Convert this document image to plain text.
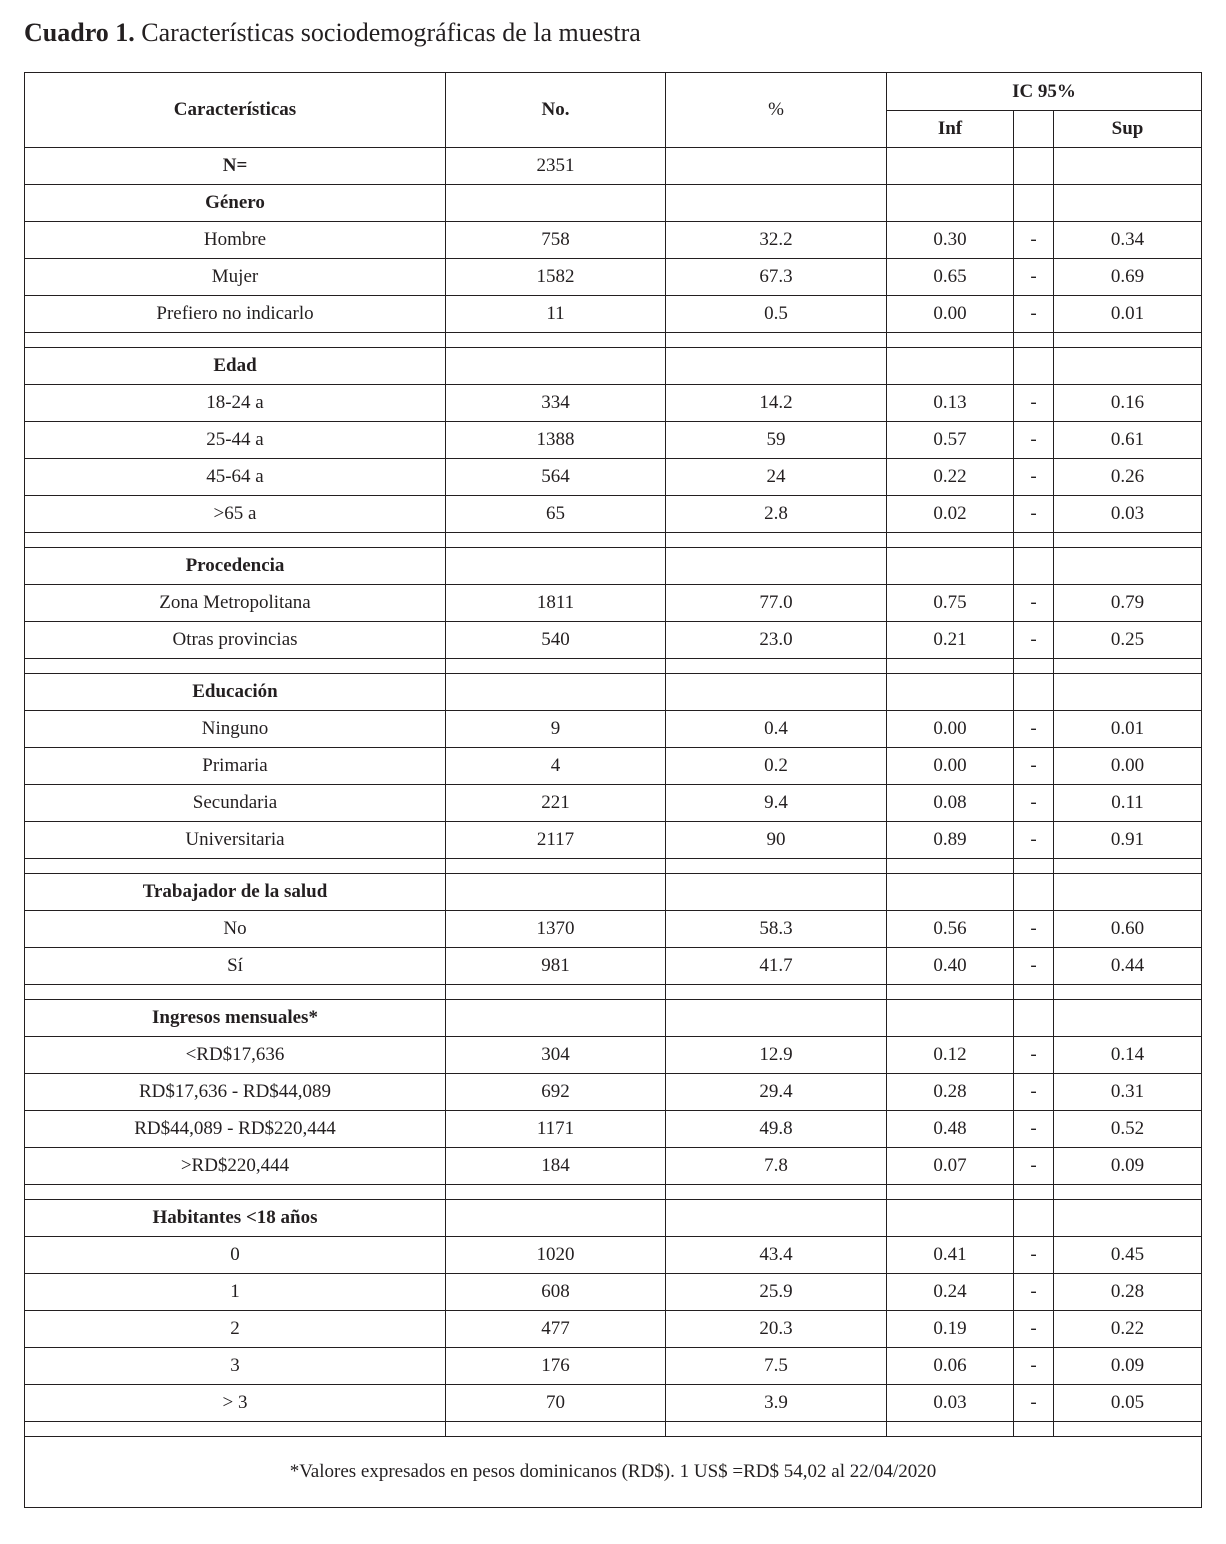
Cuadro 1. Características sociodemográficas de la muestra
Características	No.	%	IC 95%		
			Inf		Sup
N=	2351				
Género					
Hombre	758	32.2	0.30	-	0.34
Mujer	1582	67.3	0.65	-	0.69
Prefiero no indicarlo	11	0.5	0.00	-	0.01

Edad					
18-24 a	334	14.2	0.13	-	0.16
25-44 a	1388	59	0.57	-	0.61
45-64 a	564	24	0.22	-	0.26
>65 a	65	2.8	0.02	-	0.03

Procedencia					
Zona Metropolitana	1811	77.0	0.75	-	0.79
Otras provincias	540	23.0	0.21	-	0.25

Educación					
Ninguno	9	0.4	0.00	-	0.01
Primaria	4	0.2	0.00	-	0.00
Secundaria	221	9.4	0.08	-	0.11
Universitaria	2117	90	0.89	-	0.91

Trabajador de la salud					
No	1370	58.3	0.56	-	0.60
Sí	981	41.7	0.40	-	0.44

Ingresos mensuales*					
<RD$17,636	304	12.9	0.12	-	0.14
RD$17,636 - RD$44,089	692	29.4	0.28	-	0.31
RD$44,089 - RD$220,444	1171	49.8	0.48	-	0.52
>RD$220,444	184	7.8	0.07	-	0.09

Habitantes <18 años					
0	1020	43.4	0.41	-	0.45
1	608	25.9	0.24	-	0.28
2	477	20.3	0.19	-	0.22
3	176	7.5	0.06	-	0.09
> 3	70	3.9	0.03	-	0.05

*Valores expresados en pesos dominicanos (RD$). 1 US$ =RD$ 54,02 al 22/04/2020					
